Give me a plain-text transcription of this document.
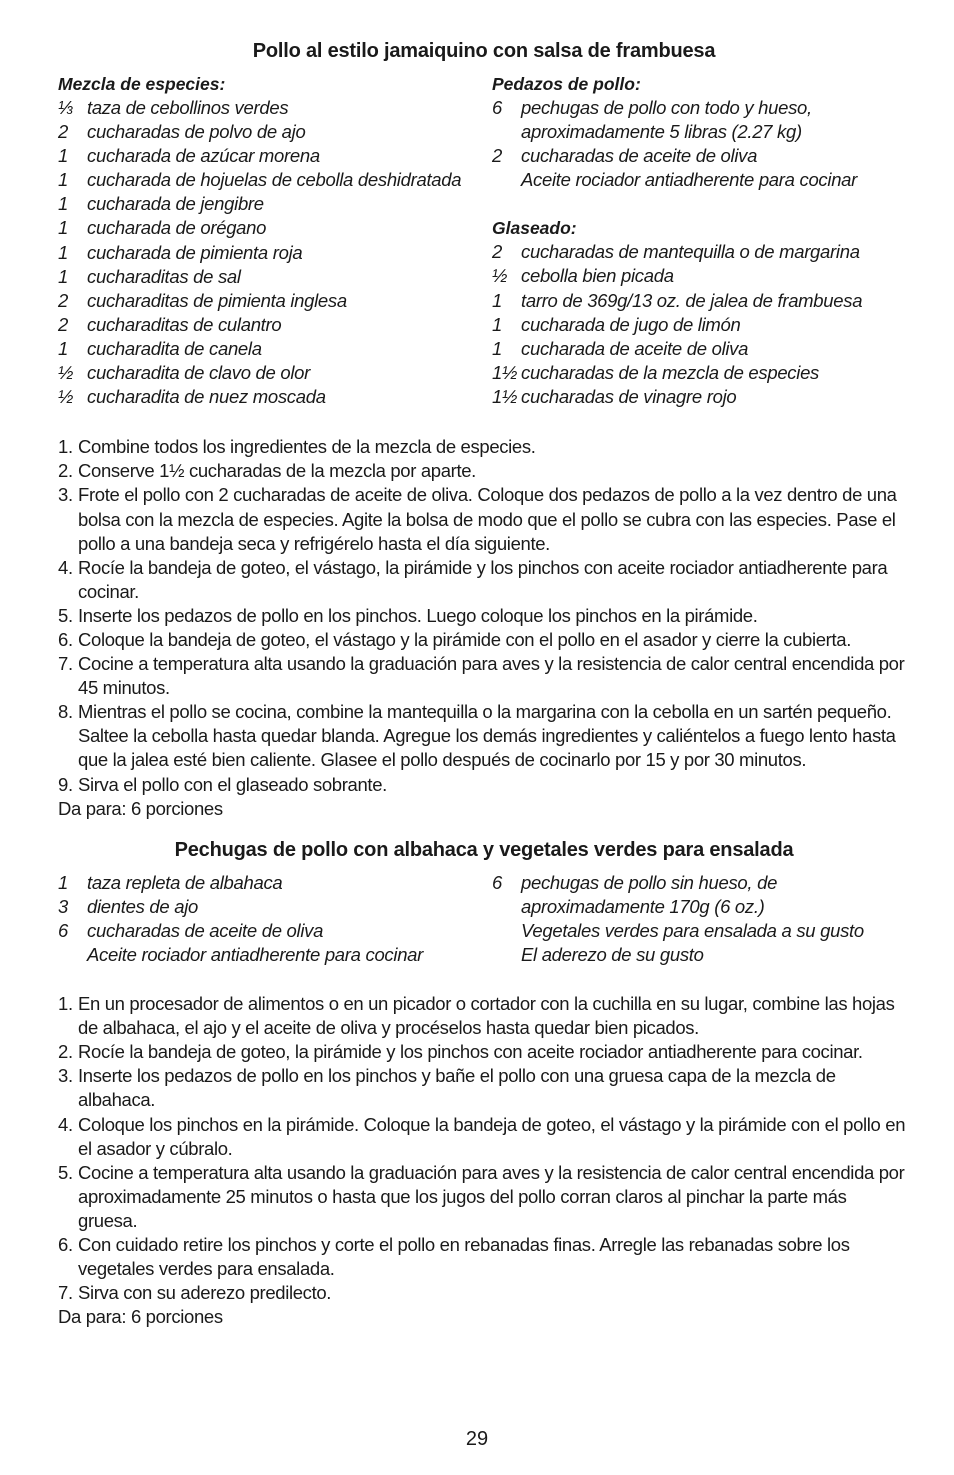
Pollo al estilo jamaiquino con salsa de frambuesa

Mezcla de especies:

⅓ taza de cebollinos verdes
2	cucharadas de polvo de ajo
1	cucharada de azúcar morena
1	cucharada de hojuelas de cebolla deshidratada
1	cucharada de jengibre
1	cucharada de orégano
1	cucharada de pimienta roja
1	cucharaditas de sal
2	cucharaditas de pimienta inglesa
2	cucharaditas de culantro
1	cucharadita de canela
½ cucharadita de clavo de olor
½ cucharadita de nuez moscada

Pedazos de pollo:

6	pechugas de pollo con todo y hueso,
aproximadamente 5 libras (2.27 kg)
2	cucharadas de aceite de oliva
Aceite rociador antiadherente para cocinar

Glaseado:

2	cucharadas de mantequilla o de margarina
½ cebolla bien picada
1	tarro de 369g/13 oz. de jalea de frambuesa
1	cucharada de jugo de limón
1	cucharada de aceite de oliva
1½ cucharadas de la mezcla de especies
1½ cucharadas de vinagre rojo
1. Combine todos los ingredientes de la mezcla de especies.
2. Conserve 1½ cucharadas de la mezcla por aparte.
3. Frote el pollo con 2 cucharadas de aceite de oliva. Coloque dos pedazos de pollo a la vez dentro de una bolsa con la mezcla de especies. Agite la bolsa de modo que el pollo se cubra con las especies. Pase el pollo a una bandeja seca y refrigérelo hasta el día siguiente.
4. Rocíe la bandeja de goteo, el vástago, la pirámide y los pinchos con aceite rociador antiadherente para cocinar.
5. Inserte los pedazos de pollo en los pinchos. Luego coloque los pinchos en la pirámide.
6. Coloque la bandeja de goteo, el vástago y la pirámide con el pollo en el asador y cierre la cubierta.
7. Cocine a temperatura alta usando la graduación para aves y la resistencia de calor central encendida por 45 minutos.
8. Mientras el pollo se cocina, combine la mantequilla o la margarina con la cebolla en un sartén pequeño. Saltee la cebolla hasta quedar blanda. Agregue los demás ingredientes y caliéntelos a fuego lento hasta que la jalea esté bien caliente. Glasee el pollo después de cocinarlo por 15 y por 30 minutos.
9. Sirva el pollo con el glaseado sobrante.
Da para: 6 porciones
Pechugas de pollo con albahaca y vegetales verdes para ensalada
1	taza repleta de albahaca
3	dientes de ajo
6	cucharadas de aceite de oliva
Aceite rociador antiadherente para cocinar
6	pechugas de pollo sin hueso, de
aproximadamente 170g (6 oz.)
Vegetales verdes para ensalada a su gusto
El aderezo de su gusto
1. En un procesador de alimentos o en un picador o cortador con la cuchilla en su lugar, combine las hojas de albahaca, el ajo y el aceite de oliva y procéselos hasta quedar bien picados.
2. Rocíe la bandeja de goteo, la pirámide y los pinchos con aceite rociador antiadherente para cocinar.
3. Inserte los pedazos de pollo en los pinchos y bañe el pollo con una gruesa capa de la mezcla de albahaca.
4. Coloque los pinchos en la pirámide. Coloque la bandeja de goteo, el vástago y la pirámide con el pollo en el asador y cúbralo.
5. Cocine a temperatura alta usando la graduación para aves y la resistencia de calor central encendida por aproximadamente 25 minutos o hasta que los jugos del pollo corran claros al pinchar la parte más gruesa.
6. Con cuidado retire los pinchos y corte el pollo en rebanadas finas. Arregle las rebanadas sobre los vegetales verdes para ensalada.
7. Sirva con su aderezo predilecto.
Da para: 6 porciones
29
